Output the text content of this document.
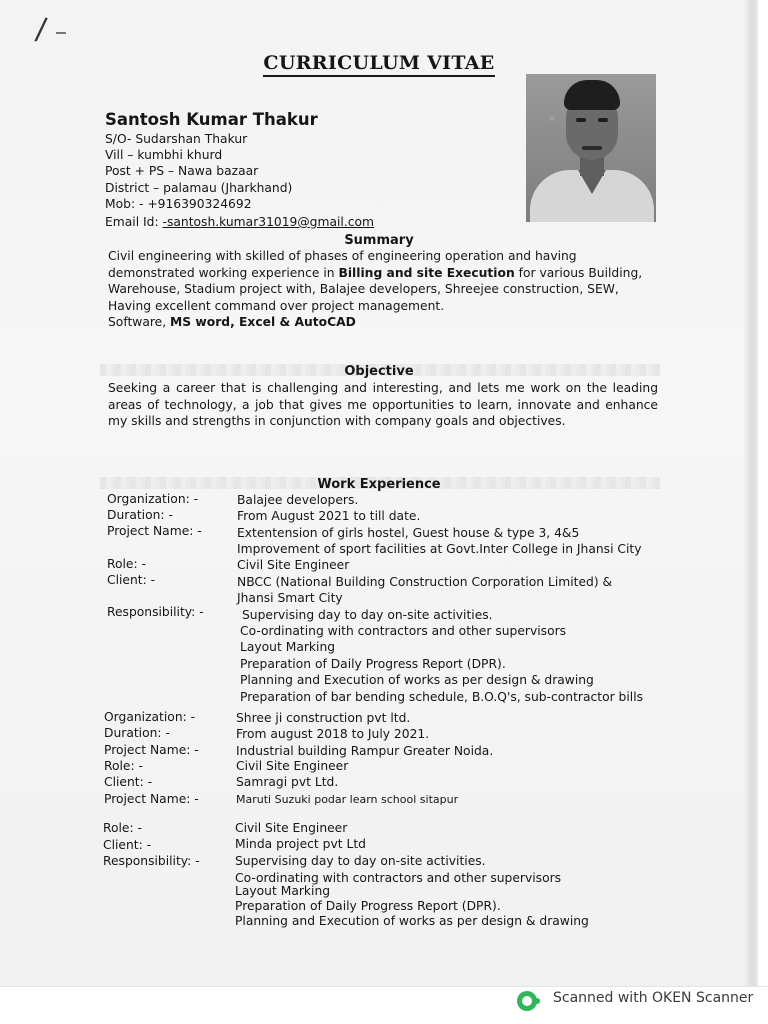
/
CURRICULUM VITAE
Santosh Kumar Thakur
S/O- Sudarshan Thakur
Vill – kumbhi khurd
Post + PS – Nawa bazaar
District – palamau (Jharkhand)
Mob: - +916390324692
Email Id: -santosh.kumar31019@gmail.com
Summary
Civil engineering with skilled of phases of engineering operation and having
demonstrated working experience in Billing and site Execution for various Building,
Warehouse, Stadium project with, Balajee developers, Shreejee construction, SEW,
Having excellent command over project management.
Software, MS word, Excel & AutoCAD
Objective
Seeking a career that is challenging and interesting, and lets me work on the leading areas of technology, a job that gives me opportunities to learn, innovate and enhance my skills and strengths in conjunction with company goals and objectives.
Work Experience
Organization: -
Duration: -
Project Name: -
Role: -
Client: -
Responsibility: -
Balajee developers.
From August 2021 to till date.
Extentension of girls hostel, Guest house & type 3, 4&5
Improvement of sport facilities at Govt.Inter College in Jhansi City
Civil Site Engineer
NBCC (National Building Construction Corporation Limited) &
Jhansi Smart City
Supervising day to day on-site activities.
Co-ordinating with contractors and other supervisors
Layout Marking
Preparation of Daily Progress Report (DPR).
Planning and Execution of works as per design & drawing
Preparation of bar bending schedule, B.O.Q's, sub-contractor bills
Organization: -
Duration: -
Project Name: -
Role: -
Client: -
Project Name: -
Role: -
Client: -
Responsibility: -
Shree ji construction pvt ltd.
From august 2018 to July 2021.
Industrial building Rampur Greater Noida.
Civil Site Engineer
Samragi pvt Ltd.
Maruti Suzuki podar learn school sitapur
Civil Site Engineer
Minda project pvt Ltd
Supervising day to day on-site activities.
Co-ordinating with contractors and other supervisors
Layout Marking
Preparation of Daily Progress Report (DPR).
Planning and Execution of works as per design & drawing
Scanned with OKEN Scanner
